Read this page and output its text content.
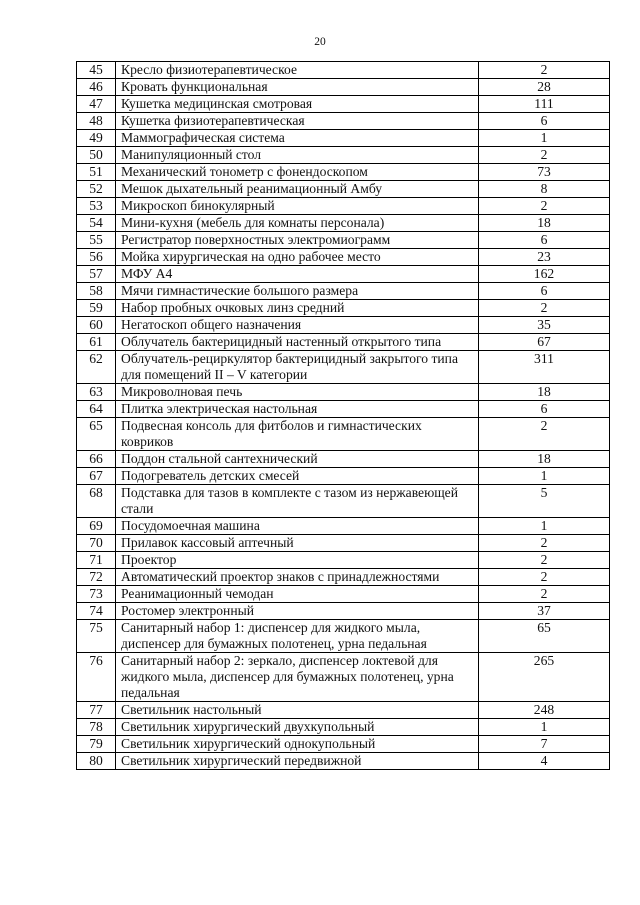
20
45	Кресло физиотерапевтическое	2
46	Кровать функциональная	28
47	Кушетка медицинская смотровая	111
48	Кушетка физиотерапевтическая	6
49	Маммографическая система	1
50	Манипуляционный стол	2
51	Механический тонометр с фонендоскопом	73
52	Мешок дыхательный реанимационный Амбу	8
53	Микроскоп бинокулярный	2
54	Мини-кухня (мебель для комнаты персонала)	18
55	Регистратор поверхностных электромиограмм	6
56	Мойка хирургическая на одно рабочее место	23
57	МФУ А4	162
58	Мячи гимнастические большого размера	6
59	Набор пробных очковых линз средний	2
60	Негатоскоп общего назначения	35
61	Облучатель бактерицидный настенный открытого типа	67
62	Облучатель-рециркулятор бактерицидный закрытого типа для помещений II – V категории	311
63	Микроволновая печь	18
64	Плитка электрическая настольная	6
65	Подвесная консоль для фитболов и гимнастических ковриков	2
66	Поддон стальной сантехнический	18
67	Подогреватель детских смесей	1
68	Подставка для тазов в комплекте с тазом из нержавеющей стали	5
69	Посудомоечная машина	1
70	Прилавок кассовый аптечный	2
71	Проектор	2
72	Автоматический проектор знаков с принадлежностями	2
73	Реанимационный чемодан	2
74	Ростомер электронный	37
75	Санитарный набор 1: диспенсер для жидкого мыла, диспенсер для бумажных полотенец, урна педальная	65
76	Санитарный набор 2: зеркало, диспенсер локтевой для жидкого мыла, диспенсер для бумажных полотенец, урна педальная	265
77	Светильник настольный	248
78	Светильник хирургический двухкупольный	1
79	Светильник хирургический однокупольный	7
80	Светильник хирургический передвижной	4
